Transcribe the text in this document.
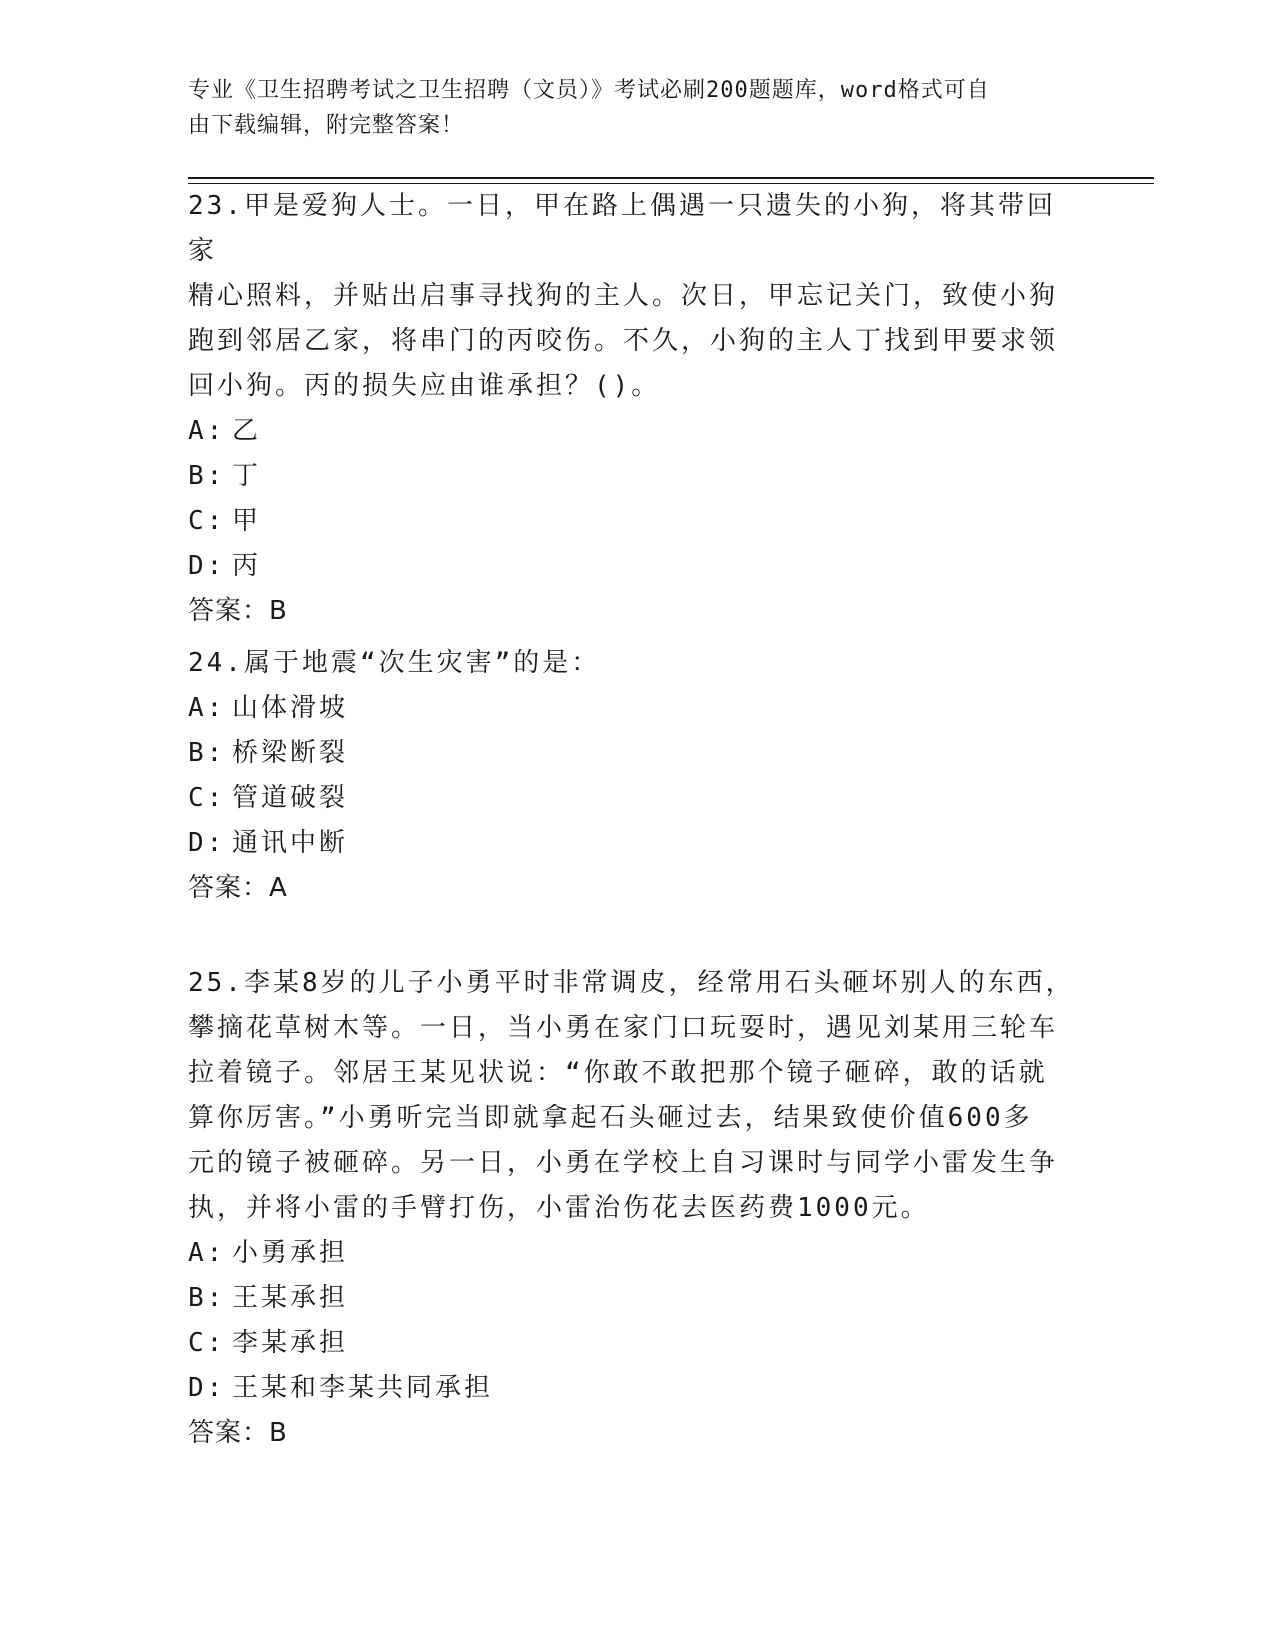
专业《卫生招聘考试之卫生招聘（文员）》考试必刷200题题库，word格式可自
由下载编辑，附完整答案！
23.甲是爱狗人士。一日，甲在路上偶遇一只遗失的小狗，将其带回家
精心照料，并贴出启事寻找狗的主人。次日，甲忘记关门，致使小狗
跑到邻居乙家，将串门的丙咬伤。不久，小狗的主人丁找到甲要求领
回小狗。丙的损失应由谁承担？()。
A: 乙
B: 丁
C: 甲
D: 丙
答案：B
24.属于地震“次生灾害”的是：
A: 山体滑坡
B: 桥梁断裂
C: 管道破裂
D: 通讯中断
答案：A
25.李某8岁的儿子小勇平时非常调皮，经常用石头砸坏别人的东西，
攀摘花草树木等。一日，当小勇在家门口玩耍时，遇见刘某用三轮车
拉着镜子。邻居王某见状说：“你敢不敢把那个镜子砸碎，敢的话就
算你厉害。”小勇听完当即就拿起石头砸过去，结果致使价值600多
元的镜子被砸碎。另一日，小勇在学校上自习课时与同学小雷发生争
执，并将小雷的手臂打伤，小雷治伤花去医药费1000元。
A: 小勇承担
B: 王某承担
C: 李某承担
D: 王某和李某共同承担
答案：B
